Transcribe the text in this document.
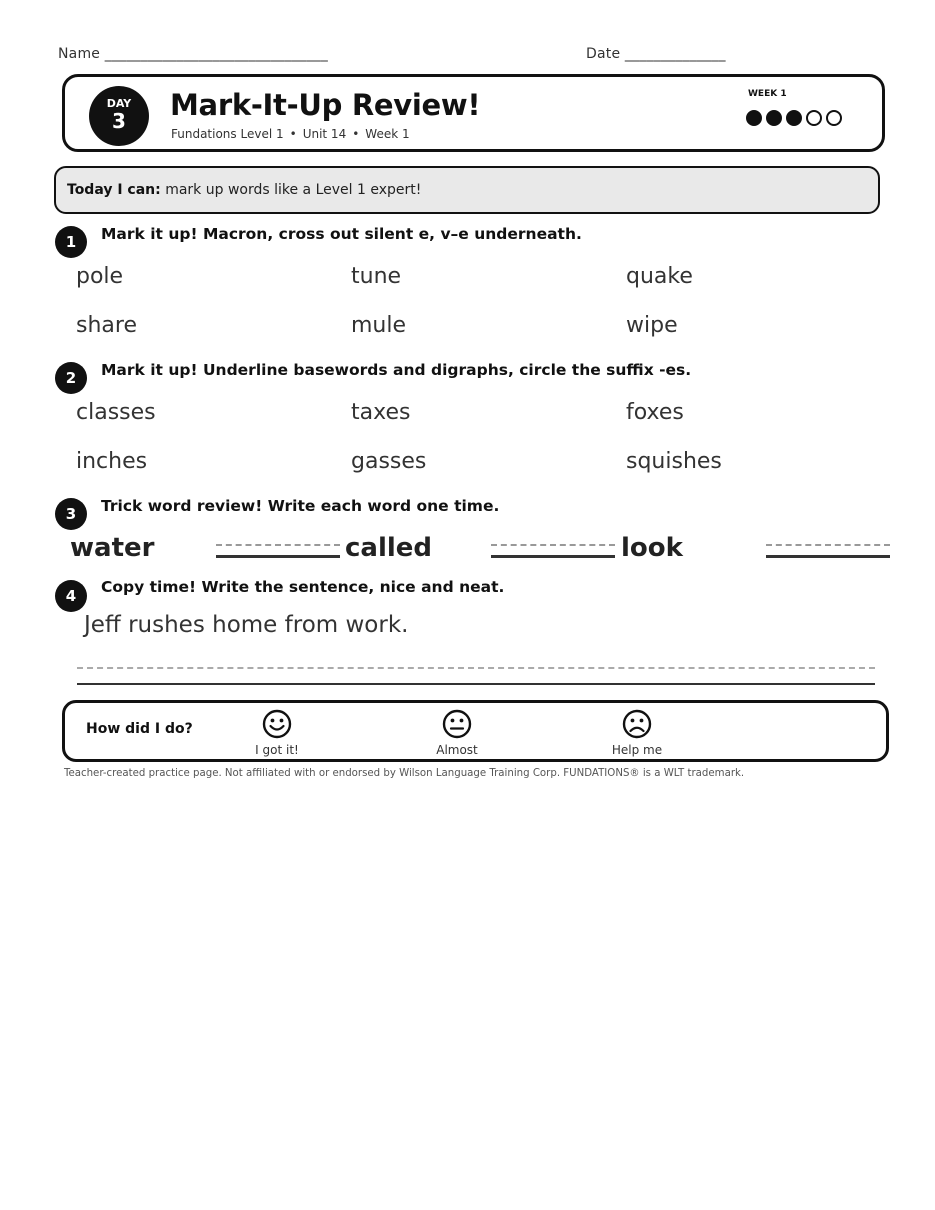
Name _______________________________	Date ______________
DAY
3	Mark-It-Up Review!
Fundations Level 1 • Unit 14 • Week 1
WEEK 1
Today I can: mark up words like a Level 1 expert!
1	Mark it up! Macron, cross out silent e, v–e underneath.
pole	tune	quake
share	mule	wipe
2	Mark it up! Underline basewords and digraphs, circle the suffix -es.
classes	taxes	foxes
inches	gasses	squishes
3	Trick word review! Write each word one time.
water	called	look
4	Copy time! Write the sentence, nice and neat.
Jeff rushes home from work.
How did I do?
I got it!	Almost	Help me
Teacher-created practice page. Not affiliated with or endorsed by Wilson Language Training Corp. FUNDATIONS® is a WLT trademark.
